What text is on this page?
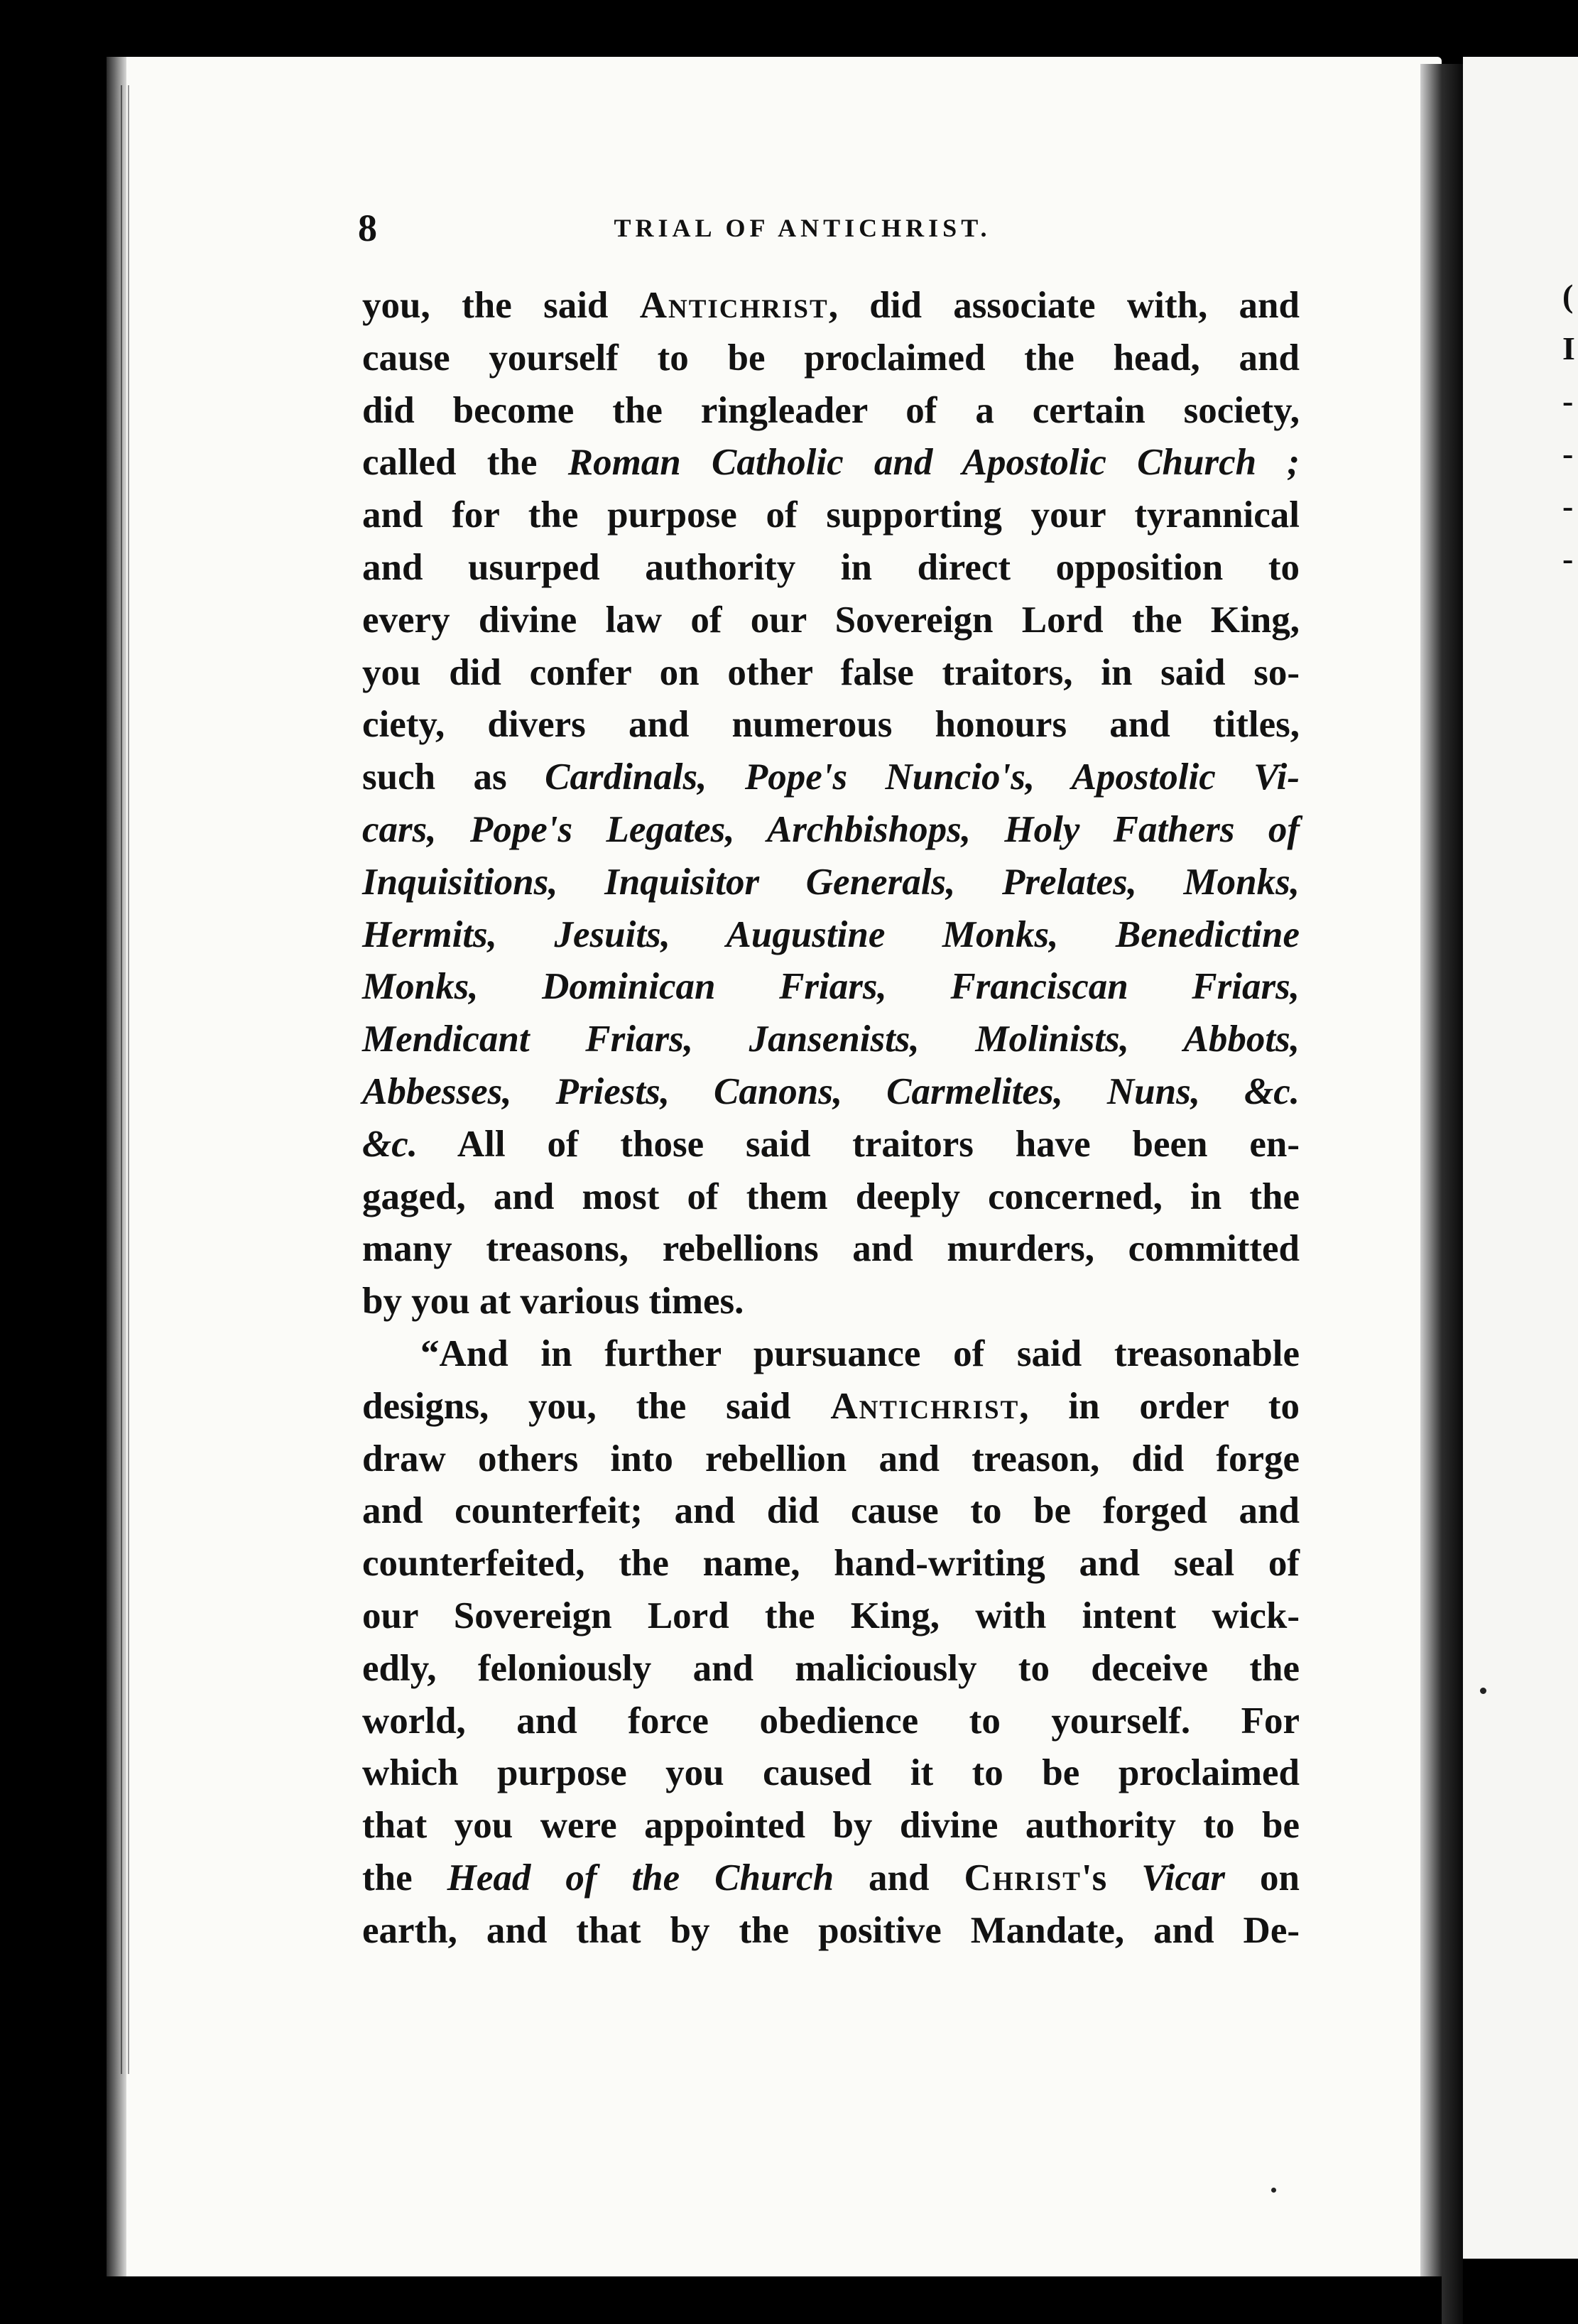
(
I
-
-
-
-
8	TRIAL OF ANTICHRIST.
you, the said Antichrist, did associate with, and
cause yourself to be proclaimed the head, and
did become the ringleader of a certain society,
called the Roman Catholic and Apostolic Church ;
and for the purpose of supporting your tyrannical
and usurped authority in direct opposition to
every divine law of our Sovereign Lord the King,
you did confer on other false traitors, in said so-
ciety, divers and numerous honours and titles,
such as Cardinals, Pope's Nuncio's, Apostolic Vi-
cars, Pope's Legates, Archbishops, Holy Fathers of
Inquisitions, Inquisitor Generals, Prelates, Monks,
Hermits, Jesuits, Augustine Monks, Benedictine
Monks, Dominican Friars, Franciscan Friars,
Mendicant Friars, Jansenists, Molinists, Abbots,
Abbesses, Priests, Canons, Carmelites, Nuns, &c.
&c. All of those said traitors have been en-
gaged, and most of them deeply concerned, in the
many treasons, rebellions and murders, committed
by you at various times.
“And in further pursuance of said treasonable
designs, you, the said Antichrist, in order to
draw others into rebellion and treason, did forge
and counterfeit; and did cause to be forged and
counterfeited, the name, hand-writing and seal of
our Sovereign Lord the King, with intent wick-
edly, feloniously and maliciously to deceive the
world, and force obedience to yourself. For
which purpose you caused it to be proclaimed
that you were appointed by divine authority to be
the Head of the Church and Christ's Vicar on
earth, and that by the positive Mandate, and De-
